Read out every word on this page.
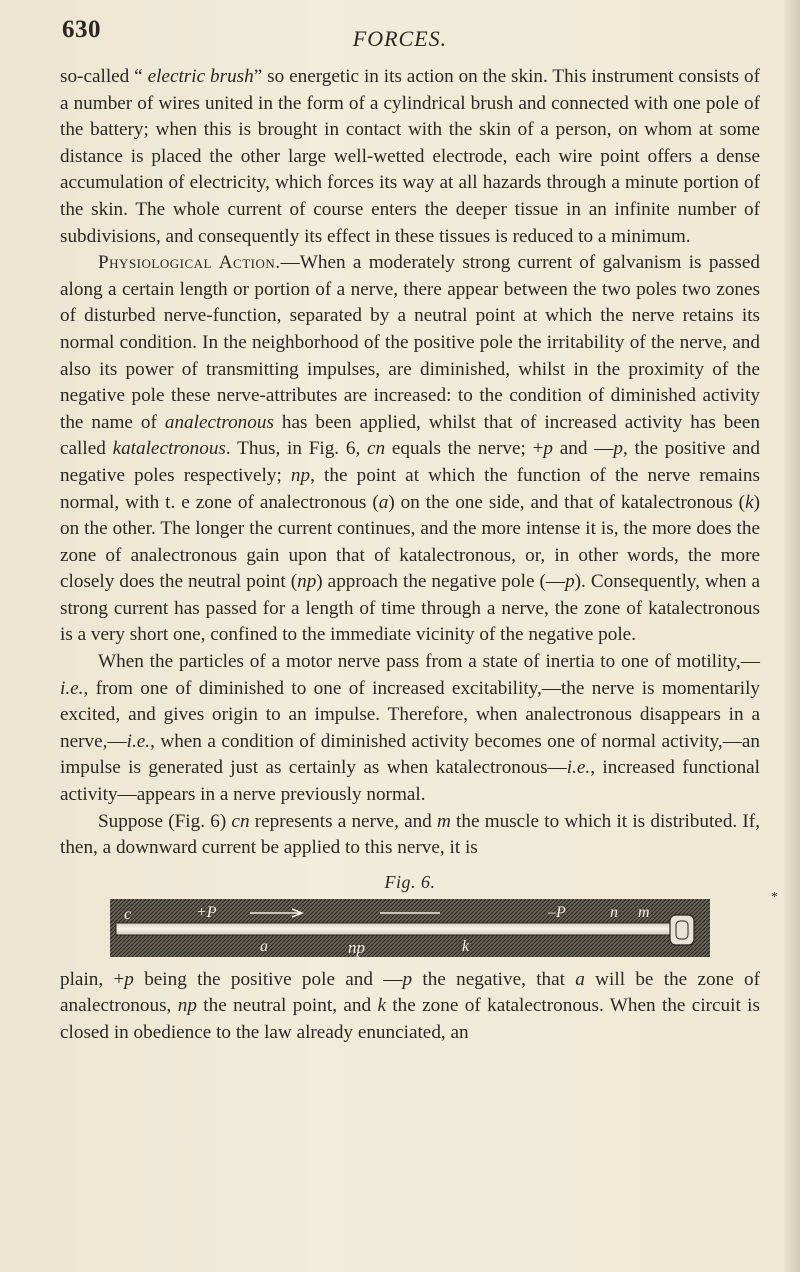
630	FORCES.

so-called “ electric brush” so energetic in its action on the skin. This instrument consists of a number of wires united in the form of a cylindrical brush and connected with one pole of the battery; when this is brought in contact with the skin of a person, on whom at some distance is placed the other large well-wetted electrode, each wire point offers a dense accumulation of electricity, which forces its way at all hazards through a minute portion of the skin. The whole current of course enters the deeper tissue in an infinite number of subdivisions, and consequently its effect in these tissues is reduced to a minimum.

Physiological Action.—When a moderately strong current of galvanism is passed along a certain length or portion of a nerve, there appear between the two poles two zones of disturbed nerve-function, separated by a neutral point at which the nerve retains its normal condition. In the neighborhood of the positive pole the irritability of the nerve, and also its power of transmitting impulses, are diminished, whilst in the proximity of the negative pole these nerve-attributes are increased: to the condition of diminished activity the name of analectronous has been applied, whilst that of increased activity has been called katalectronous. Thus, in Fig. 6, cn equals the nerve; +p and —p, the positive and negative poles respectively; np, the point at which the function of the nerve remains normal, with t. e zone of analectronous (a) on the one side, and that of katalectronous (k) on the other. The longer the current continues, and the more intense it is, the more does the zone of analectronous gain upon that of katalectronous, or, in other words, the more closely does the neutral point (np) approach the negative pole (—p). Consequently, when a strong current has passed for a length of time through a nerve, the zone of katalectronous is a very short one, confined to the immediate vicinity of the negative pole.

When the particles of a motor nerve pass from a state of inertia to one of motility,—i.e., from one of diminished to one of increased excitability,—the nerve is momentarily excited, and gives origin to an impulse. Therefore, when analectronous disappears in a nerve,—i.e., when a condition of diminished activity becomes one of normal activity,—an impulse is generated just as certainly as when katalectronous—i.e., increased functional activity—appears in a nerve previously normal.

Suppose (Fig. 6) cn represents a nerve, and m the muscle to which it is distributed. If, then, a downward current be applied to this nerve, it is

Fig. 6.
c	+P
a	np	k
–P	n m

plain, +p being the positive pole and —p the negative, that a will be the zone of analectronous, np the neutral point, and k the zone of katalectronous. When the circuit is closed in obedience to the law already enunciated, an

*
